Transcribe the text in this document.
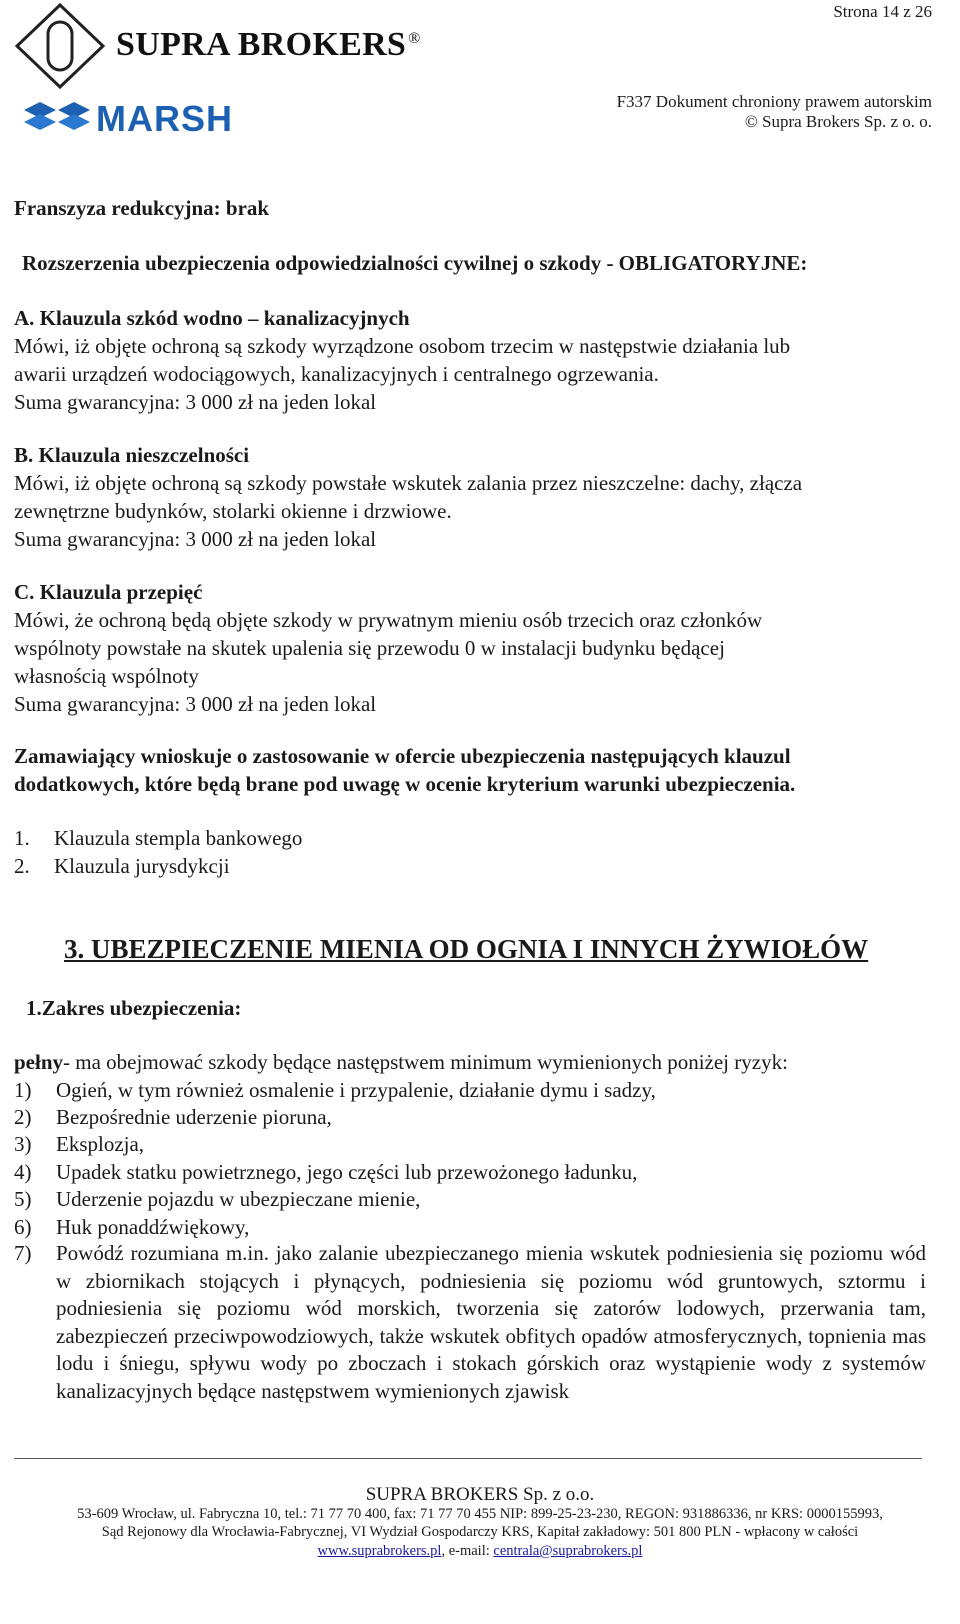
SUPRA BROKERS ®
Strona 14 z 26
MARSH	F337 Dokument chroniony prawem autorskim
© Supra Brokers Sp. z o. o.
Franszyza redukcyjna: brak
Rozszerzenia ubezpieczenia odpowiedzialności cywilnej o szkody - OBLIGATORYJNE:
A. Klauzula szkód wodno – kanalizacyjnych
Mówi, iż objęte ochroną są szkody wyrządzone osobom trzecim w następstwie działania lub
awarii urządzeń wodociągowych, kanalizacyjnych i centralnego ogrzewania.
Suma gwarancyjna: 3 000 zł na jeden lokal
B. Klauzula nieszczelności
Mówi, iż objęte ochroną są szkody powstałe wskutek zalania przez nieszczelne: dachy, złącza
zewnętrzne budynków, stolarki okienne i drzwiowe.
Suma gwarancyjna: 3 000 zł na jeden lokal
C. Klauzula przepięć
Mówi, że ochroną będą objęte szkody w prywatnym mieniu osób trzecich oraz członków
wspólnoty powstałe na skutek upalenia się przewodu 0 w instalacji budynku będącej
własnością wspólnoty
Suma gwarancyjna: 3 000 zł na jeden lokal
Zamawiający wnioskuje o zastosowanie w ofercie ubezpieczenia następujących klauzul
dodatkowych, które będą brane pod uwagę w ocenie kryterium warunki ubezpieczenia.
1. Klauzula stempla bankowego
2. Klauzula jurysdykcji
3. UBEZPIECZENIE MIENIA OD OGNIA I INNYCH ŻYWIOŁÓW
1.Zakres ubezpieczenia:
pełny- ma obejmować szkody będące następstwem minimum wymienionych poniżej ryzyk:
1) Ogień, w tym również osmalenie i przypalenie, działanie dymu i sadzy,
2) Bezpośrednie uderzenie pioruna,
3) Eksplozja,
4) Upadek statku powietrznego, jego części lub przewożonego ładunku,
5) Uderzenie pojazdu w ubezpieczane mienie,
6) Huk ponaddźwiękowy,
7) Powódź rozumiana m.in. jako zalanie ubezpieczanego mienia wskutek podniesienia się poziomu wód w zbiornikach stojących i płynących, podniesienia się poziomu wód gruntowych, sztormu i podniesienia się poziomu wód morskich, tworzenia się zatorów lodowych, przerwania tam, zabezpieczeń przeciwpowodziowych, także wskutek obfitych opadów atmosferycznych, topnienia mas lodu i śniegu, spływu wody po zboczach i stokach górskich oraz wystąpienie wody z systemów kanalizacyjnych będące następstwem wymienionych zjawisk
SUPRA BROKERS Sp. z o.o.
53-609 Wrocław, ul. Fabryczna 10, tel.: 71 77 70 400, fax: 71 77 70 455 NIP: 899-25-23-230, REGON: 931886336, nr KRS: 0000155993,
Sąd Rejonowy dla Wrocławia-Fabrycznej, VI Wydział Gospodarczy KRS, Kapitał zakładowy: 501 800 PLN - wpłacony w całości
www.suprabrokers.pl, e-mail: centrala@suprabrokers.pl
